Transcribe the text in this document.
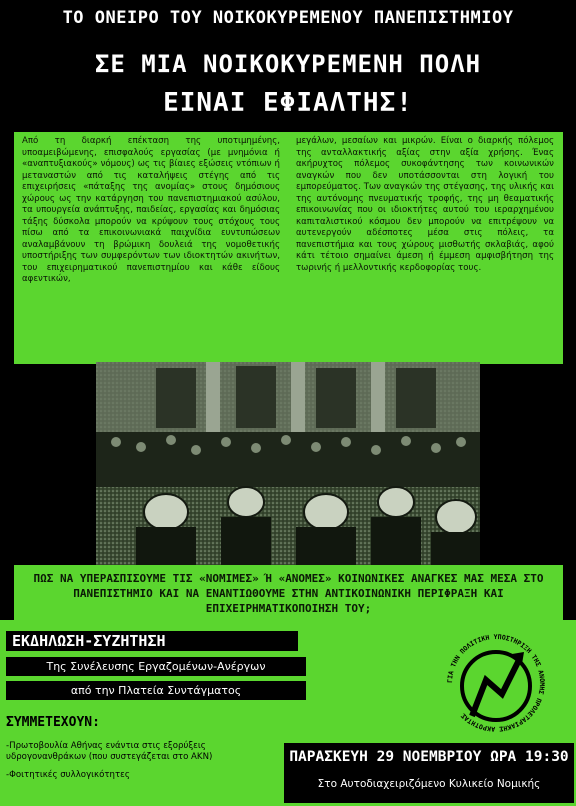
ΤΟ ΟΝΕΙΡΟ ΤΟΥ ΝΟΙΚΟΚΥΡΕΜΕΝΟΥ ΠΑΝΕΠΙΣΤΗΜΙΟΥ
ΣΕ ΜΙΑ ΝΟΙΚΟΚΥΡΕΜΕΝΗ ΠΟΛΗ
ΕΙΝΑΙ ΕΦΙΑΛΤΗΣ!
Από τη διαρκή επέκταση της υποτιμημένης, υποαμειβώμενης, επισφαλούς εργασίας (με μνημόνια ή «αναπτυξιακούς» νόμους) ως τις βίαιες εξώσεις ντόπιων ή μεταναστών από τις καταλήψεις στέγης από τις επιχειρήσεις «πάταξης της ανομίας» στους δημόσιους χώρους ως την κατάργηση του πανεπιστημιακού ασύλου, τα υπουργεία ανάπτυξης, παιδείας, εργασίας και δημόσιας τάξης δύσκολα μπορούν να κρύψουν τους στόχους τους πίσω από τα επικοινωνιακά παιχνίδια ευντυπώσεων αναλαμβάνουν τη βρώμικη δουλειά της νομοθετικής υποστήριξης των συμφερόντων των ιδιοκτητών ακινήτων, του επιχειρηματικού πανεπιστημίου και κάθε είδους αφεντικών,
μεγάλων, μεσαίων και μικρών. Είναι ο διαρκής πόλεμος της ανταλλακτικής αξίας στην αξία χρήσης. Ένας ακήρυχτος πόλεμος συκοφάντησης των κοινωνικών αναγκών που δεν υποτάσσονται στη λογική του εμπορεύματος. Των αναγκών της στέγασης, της υλικής και της αυτόνομης πνευματικής τροφής, της μη θεαματικής επικοινωνίας που οι ιδιοκτήτες αυτού του ιεραρχημένου καπιταλιστικού κόσμου δεν μπορούν να επιτρέψουν να αυτενεργούν αδέσποτες μέσα στις πόλεις, τα πανεπιστήμια και τους χώρους μισθωτής σκλαβιάς, αφού κάτι τέτοιο σημαίνει άμεση ή έμμεση αμφισβήτηση της τωρινής ή μελλοντικής κερδοφορίας τους.
ΠΩΣ ΝΑ ΥΠΕΡΑΣΠΙΣΟΥΜΕ ΤΙΣ «ΝΟΜΙΜΕΣ» Ή «ΑΝΟΜΕΣ» ΚΟΙΝΩΝΙΚΕΣ ΑΝΑΓΚΕΣ ΜΑΣ ΜΕΣΑ ΣΤΟ ΠΑΝΕΠΙΣΤΗΜΙΟ ΚΑΙ ΝΑ ΕΝΑΝΤΙΩΘΟΥΜΕ ΣΤΗΝ ΑΝΤΙΚΟΙΝΩΝΙΚΗ ΠΕΡΙΦΡΑΞΗ ΚΑΙ ΕΠΙΧΕΙΡΗΜΑΤΙΚΟΠΟΙΗΣΗ ΤΟΥ;
ΕΚΔΗΛΩΣΗ-ΣΥΖΗΤΗΣΗ
Της Συνέλευσης Εργαζομένων-Ανέργων
από την Πλατεία Συντάγματος
ΣΥΜΜΕΤΕΧΟΥΝ:
-Πρωτοβουλία Αθήνας ενάντια στις εξορύξεις υδρογονανθράκων (που συστεγάζεται στο ΑΚΝ)
-Φοιτητικές συλλογικότητες
ΠΑΡΑΣΚΕΥΗ 29 ΝΟΕΜΒΡΙΟΥ ΩΡΑ 19:30
Στο Αυτοδιαχειριζόμενο Κυλικείο Νομικής
ΓΙΑ ΤΗΝ ΠΟΛΙΤΙΚΗ ΥΠΟΣΤΗΡΙΞΗ ΤΗΣ ΑΝΟΜΗΣ ΠΡΟΛΕΤΑΡΙΑΚΗΣ ΑΚΡΟΤΗΤΑΣ
